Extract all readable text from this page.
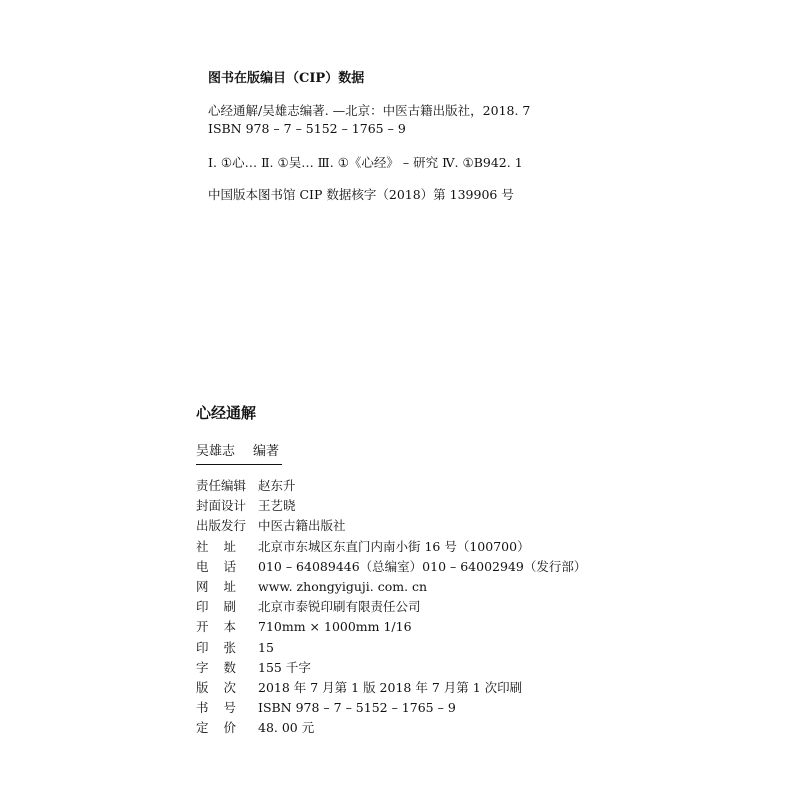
图书在版编目（CIP）数据

心经通解/吴雄志编著. —北京：中医古籍出版社，2018. 7

ISBN 978 – 7 – 5152 – 1765 – 9

Ⅰ. ①心… Ⅱ. ①吴… Ⅲ. ①《心经》 – 研究 Ⅳ. ①B942. 1

中国版本图书馆 CIP 数据核字（2018）第 139906 号

心经通解

吴雄志 编著
责任编辑 赵东升
封面设计 王艺晓
出版发行 中医古籍出版社
社 址 北京市东城区东直门内南小街 16 号（100700）
电 话 010 – 64089446（总编室）010 – 64002949（发行部）
网 址 www. zhongyiguji. com. cn
印 刷 北京市泰锐印刷有限责任公司
开 本 710mm × 1000mm 1/16
印 张 15
字 数 155 千字
版 次 2018 年 7 月第 1 版 2018 年 7 月第 1 次印刷
书 号 ISBN 978 – 7 – 5152 – 1765 – 9
定 价 48. 00 元
